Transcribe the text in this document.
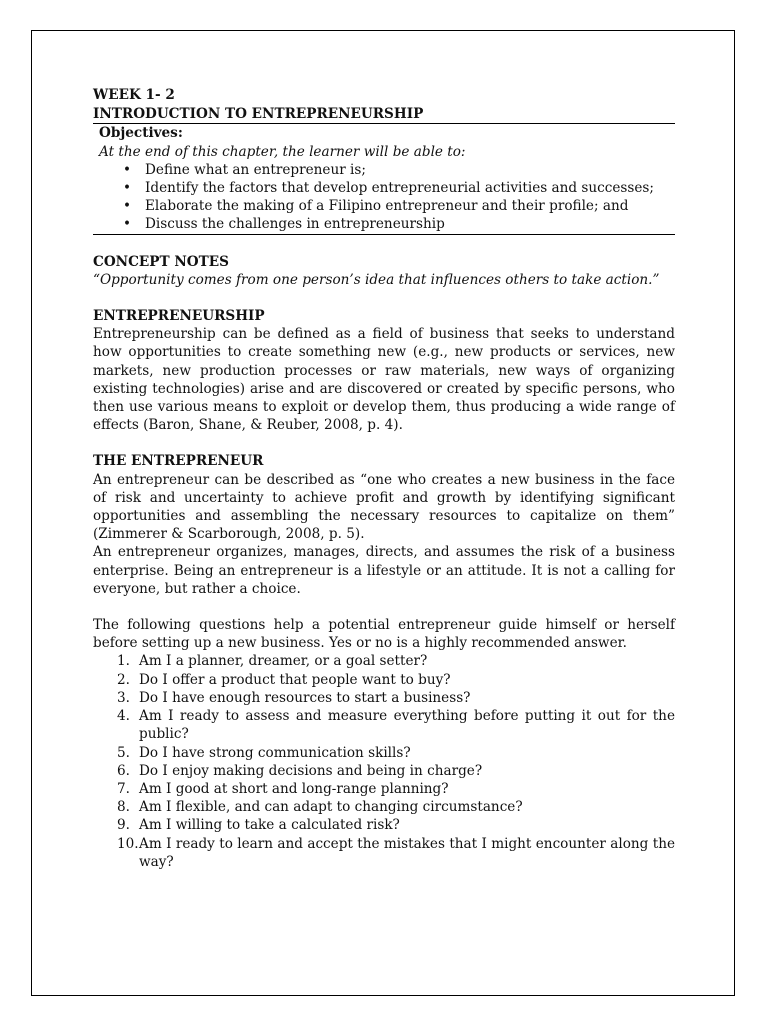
WEEK 1- 2
INTRODUCTION TO ENTREPRENEURSHIP
Objectives:
At the end of this chapter, the learner will be able to:
• Define what an entrepreneur is;
• Identify the factors that develop entrepreneurial activities and successes;
• Elaborate the making of a Filipino entrepreneur and their profile; and
• Discuss the challenges in entrepreneurship
CONCEPT NOTES
“Opportunity comes from one person’s idea that influences others to take action.”
ENTREPRENEURSHIP
Entrepreneurship can be defined as a field of business that seeks to understand how opportunities to create something new (e.g., new products or services, new markets, new production processes or raw materials, new ways of organizing existing technologies) arise and are discovered or created by specific persons, who then use various means to exploit or develop them, thus producing a wide range of effects (Baron, Shane, & Reuber, 2008, p. 4).
THE ENTREPRENEUR
An entrepreneur can be described as “one who creates a new business in the face of risk and uncertainty to achieve profit and growth by identifying significant opportunities and assembling the necessary resources to capitalize on them” (Zimmerer & Scarborough, 2008, p. 5).
An entrepreneur organizes, manages, directs, and assumes the risk of a business enterprise. Being an entrepreneur is a lifestyle or an attitude. It is not a calling for everyone, but rather a choice.
The following questions help a potential entrepreneur guide himself or herself before setting up a new business. Yes or no is a highly recommended answer.
1. Am I a planner, dreamer, or a goal setter?
2. Do I offer a product that people want to buy?
3. Do I have enough resources to start a business?
4. Am I ready to assess and measure everything before putting it out for the public?
5. Do I have strong communication skills?
6. Do I enjoy making decisions and being in charge?
7. Am I good at short and long-range planning?
8. Am I flexible, and can adapt to changing circumstance?
9. Am I willing to take a calculated risk?
10. Am I ready to learn and accept the mistakes that I might encounter along the way?
